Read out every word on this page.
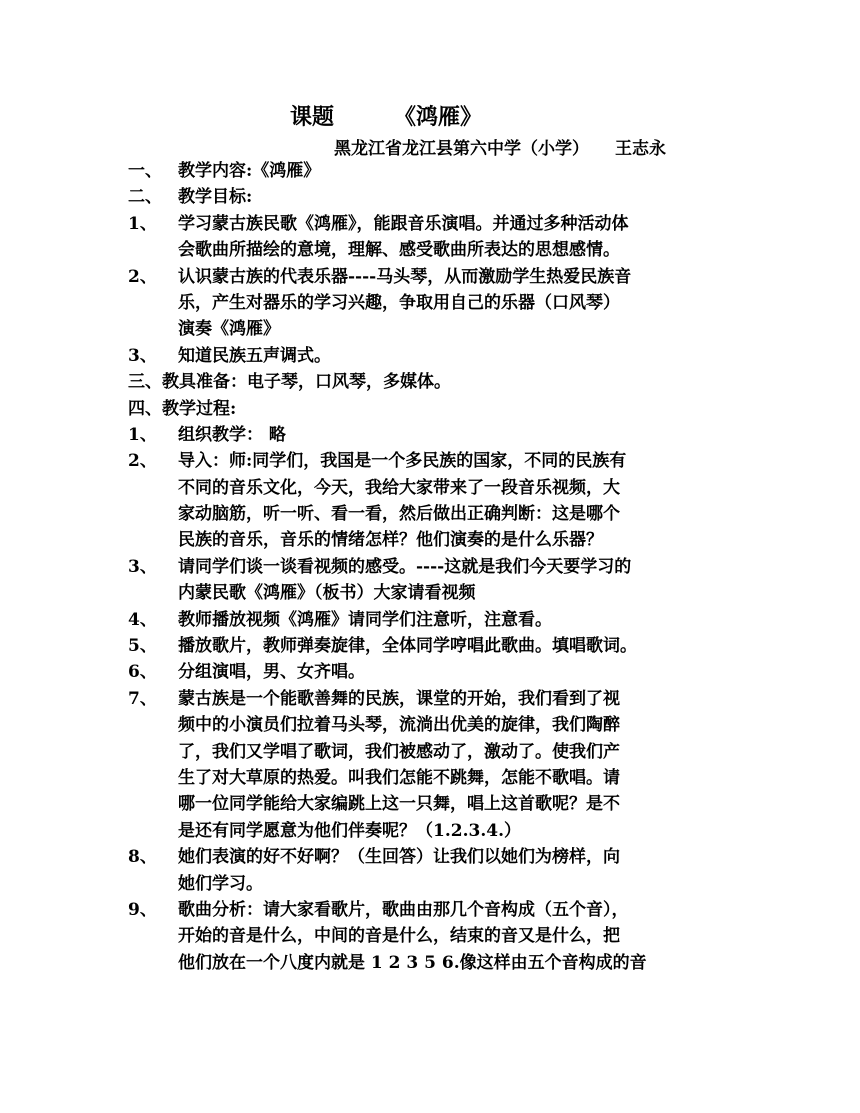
课题	《鸿雁》
黑龙江省龙江县第六中学（小学） 王志永
一、 教学内容:《鸿雁》
二、 教学目标:
1、 学习蒙古族民歌《鸿雁》，能跟音乐演唱。并通过多种活动体
会歌曲所描绘的意境，理解、感受歌曲所表达的思想感情。
2、 认识蒙古族的代表乐器----马头琴，从而激励学生热爱民族音
乐，产生对器乐的学习兴趣，争取用自己的乐器（口风琴）
演奏《鸿雁》
3、 知道民族五声调式。
三、教具准备：电子琴，口风琴，多媒体。
四、教学过程:
1、 组织教学： 略
2、 导入：师:同学们，我国是一个多民族的国家，不同的民族有
不同的音乐文化，今天，我给大家带来了一段音乐视频，大
家动脑筋，听一听、看一看，然后做出正确判断：这是哪个
民族的音乐，音乐的情绪怎样？他们演奏的是什么乐器？
3、 请同学们谈一谈看视频的感受。----这就是我们今天要学习的
内蒙民歌《鸿雁》（板书）大家请看视频
4、 教师播放视频《鸿雁》请同学们注意听，注意看。
5、 播放歌片，教师弹奏旋律，全体同学哼唱此歌曲。填唱歌词。
6、 分组演唱，男、女齐唱。
7、 蒙古族是一个能歌善舞的民族，课堂的开始，我们看到了视
频中的小演员们拉着马头琴，流淌出优美的旋律，我们陶醉
了，我们又学唱了歌词，我们被感动了，激动了。使我们产
生了对大草原的热爱。叫我们怎能不跳舞，怎能不歌唱。请
哪一位同学能给大家编跳上这一只舞，唱上这首歌呢？是不
是还有同学愿意为他们伴奏呢？（1.2.3.4.）
8、 她们表演的好不好啊？（生回答）让我们以她们为榜样，向
她们学习。
9、 歌曲分析：请大家看歌片，歌曲由那几个音构成（五个音），
开始的音是什么，中间的音是什么，结束的音又是什么，把
他们放在一个八度内就是 1 2 3 5 6.像这样由五个音构成的音
